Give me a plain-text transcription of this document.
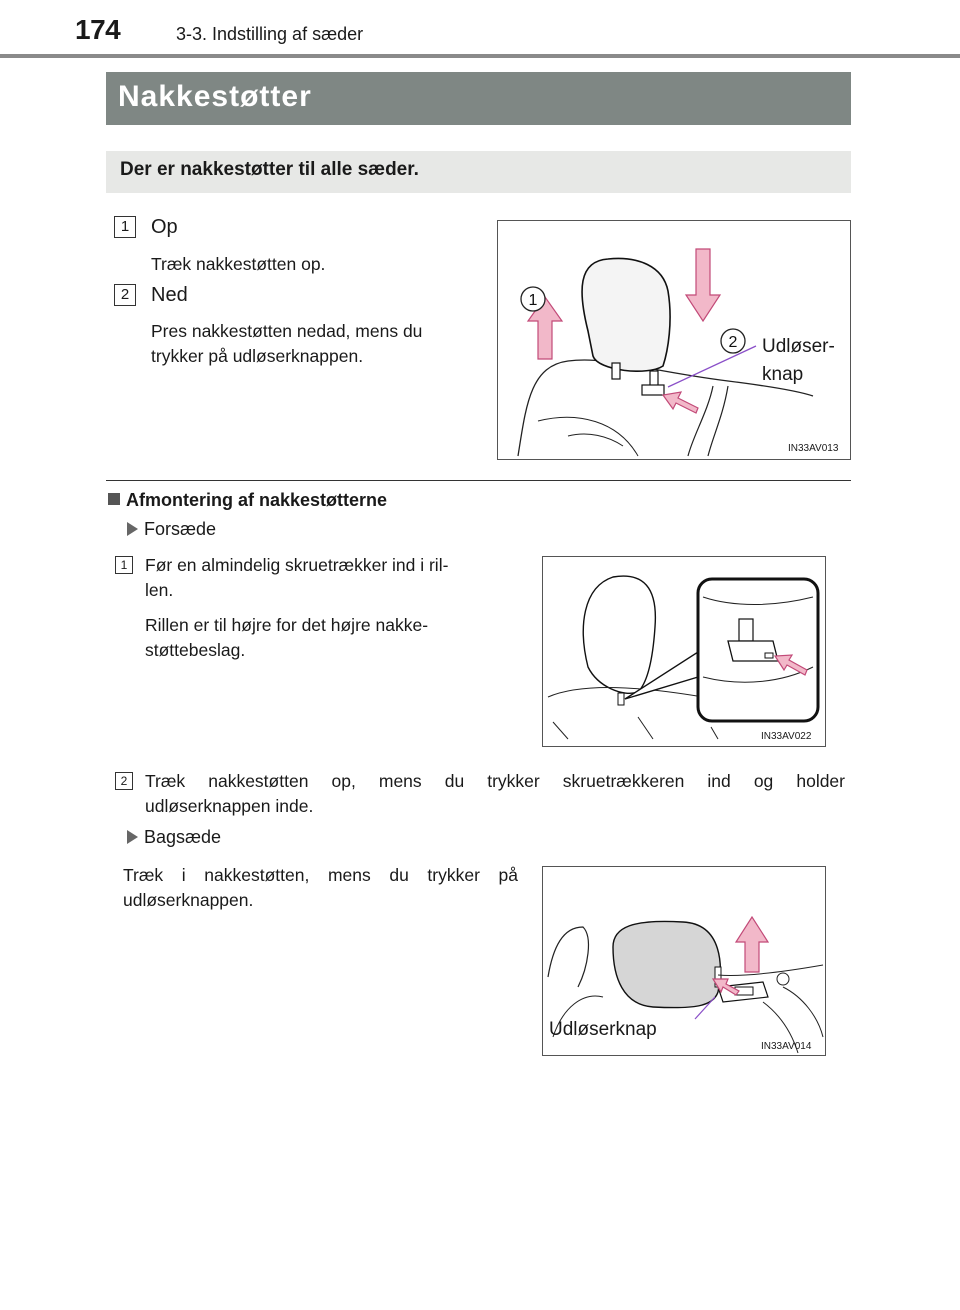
174	3-3. Indstilling af sæder
Nakkestøtter
Der er nakkestøtter til alle sæder.
1	Op
Træk nakkestøtten op.
2	Ned
Pres nakkestøtten nedad, mens du
trykker på udløserknappen.
1
2 Udløser-
knap
IN33AV013
Afmontering af nakkestøtterne
Forsæde
1	Før en almindelig skruetrækker ind i ril-
len.
Rillen er til højre for det højre nakke-
støttebeslag.
IN33AV022
2	Træk nakkestøtten op, mens du trykker skruetrækkeren ind og holder
udløserknappen inde.
Bagsæde
Træk i nakkestøtten, mens du trykker på
udløserknappen.
Udløserknap
IN33AV014
